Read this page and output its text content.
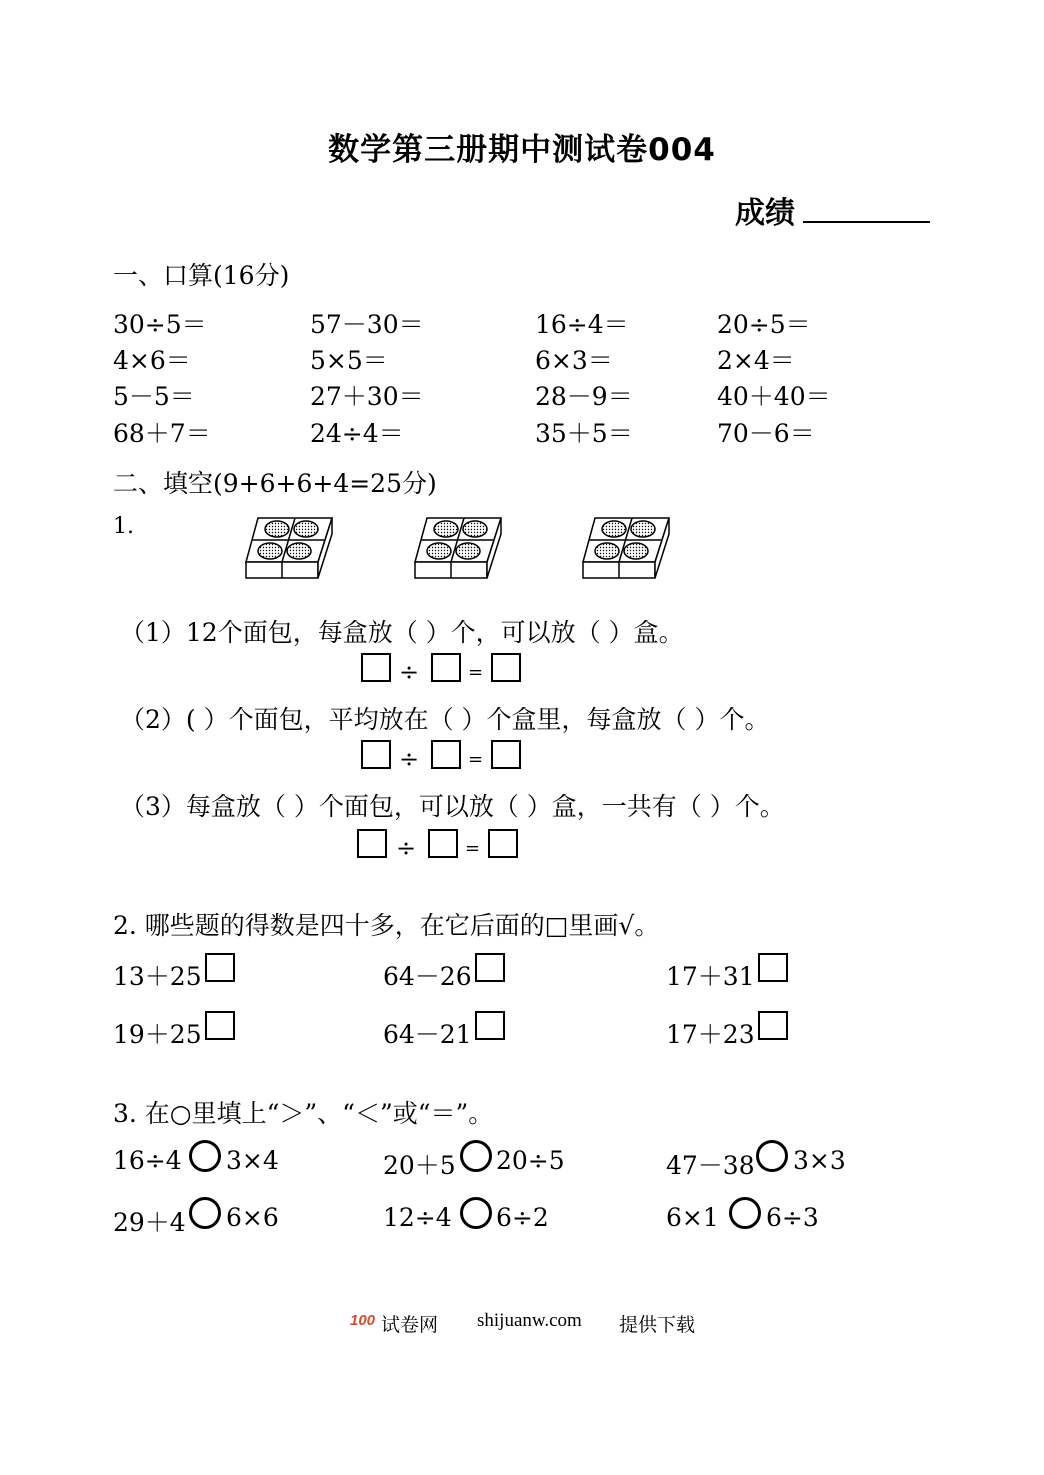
数学第三册期中测试卷004
成绩
一、口算(16分)
30÷5＝	57－30＝	16÷4＝	20÷5＝
4×6＝	5×5＝	6×3＝	2×4＝
5－5＝	27＋30＝	28－9＝	40＋40＝
68＋7＝	24÷4＝	35＋5＝	70－6＝
二、填空(9+6+6+4=25分)
1.
（1）12个面包，每盒放（ ）个，可以放（ ）盒。
÷	=
（2）( ）个面包，平均放在（ ）个盒里，每盒放（ ）个。
÷	=
（3）每盒放（ ）个面包，可以放（ ）盒，一共有（ ）个。
÷	=
2. 哪些题的得数是四十多，在它后面的□里画√。
13＋25	64－26	17＋31
19＋25	64－21	17＋23
3. 在○里填上“＞”、“＜”或“＝”。
16÷4 3×4	20＋5 20÷5	47－38 3×3
29＋4 6×6	12÷4 6÷2	6×1 6÷3
100 试卷网 shijuanw.com 提供下载
